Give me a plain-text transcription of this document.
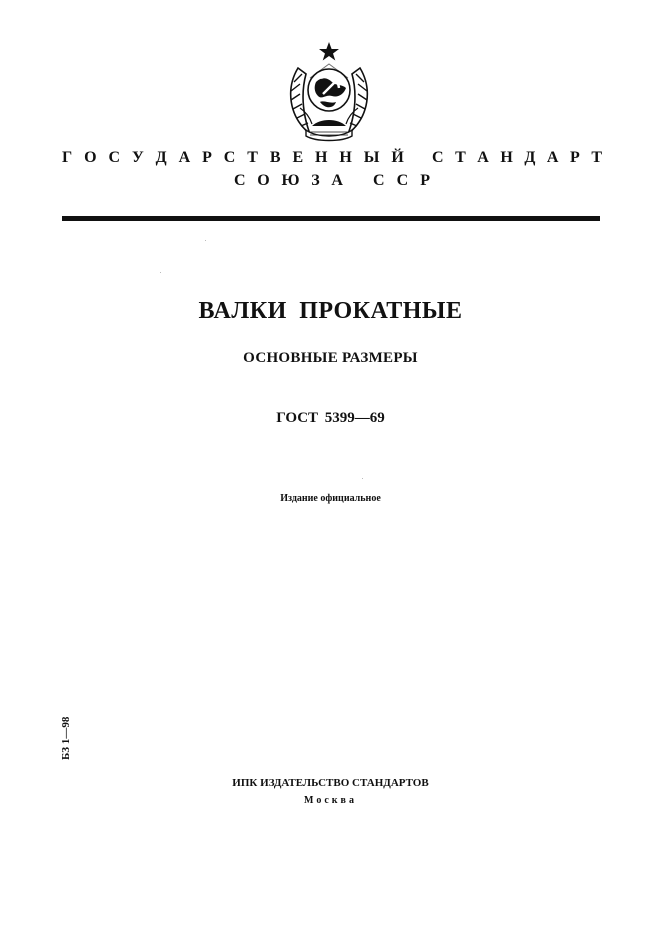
Г О С У Д А Р С Т В Е Н Н Ы Й С Т А Н Д А Р Т
С О Ю З А С С Р
ВАЛКИ ПРОКАТНЫЕ
ОСНОВНЫЕ РАЗМЕРЫ
ГОСТ 5399—69
Издание официальное
БЗ 1—98
ИПК ИЗДАТЕЛЬСТВО СТАНДАРТОВ
Москва
